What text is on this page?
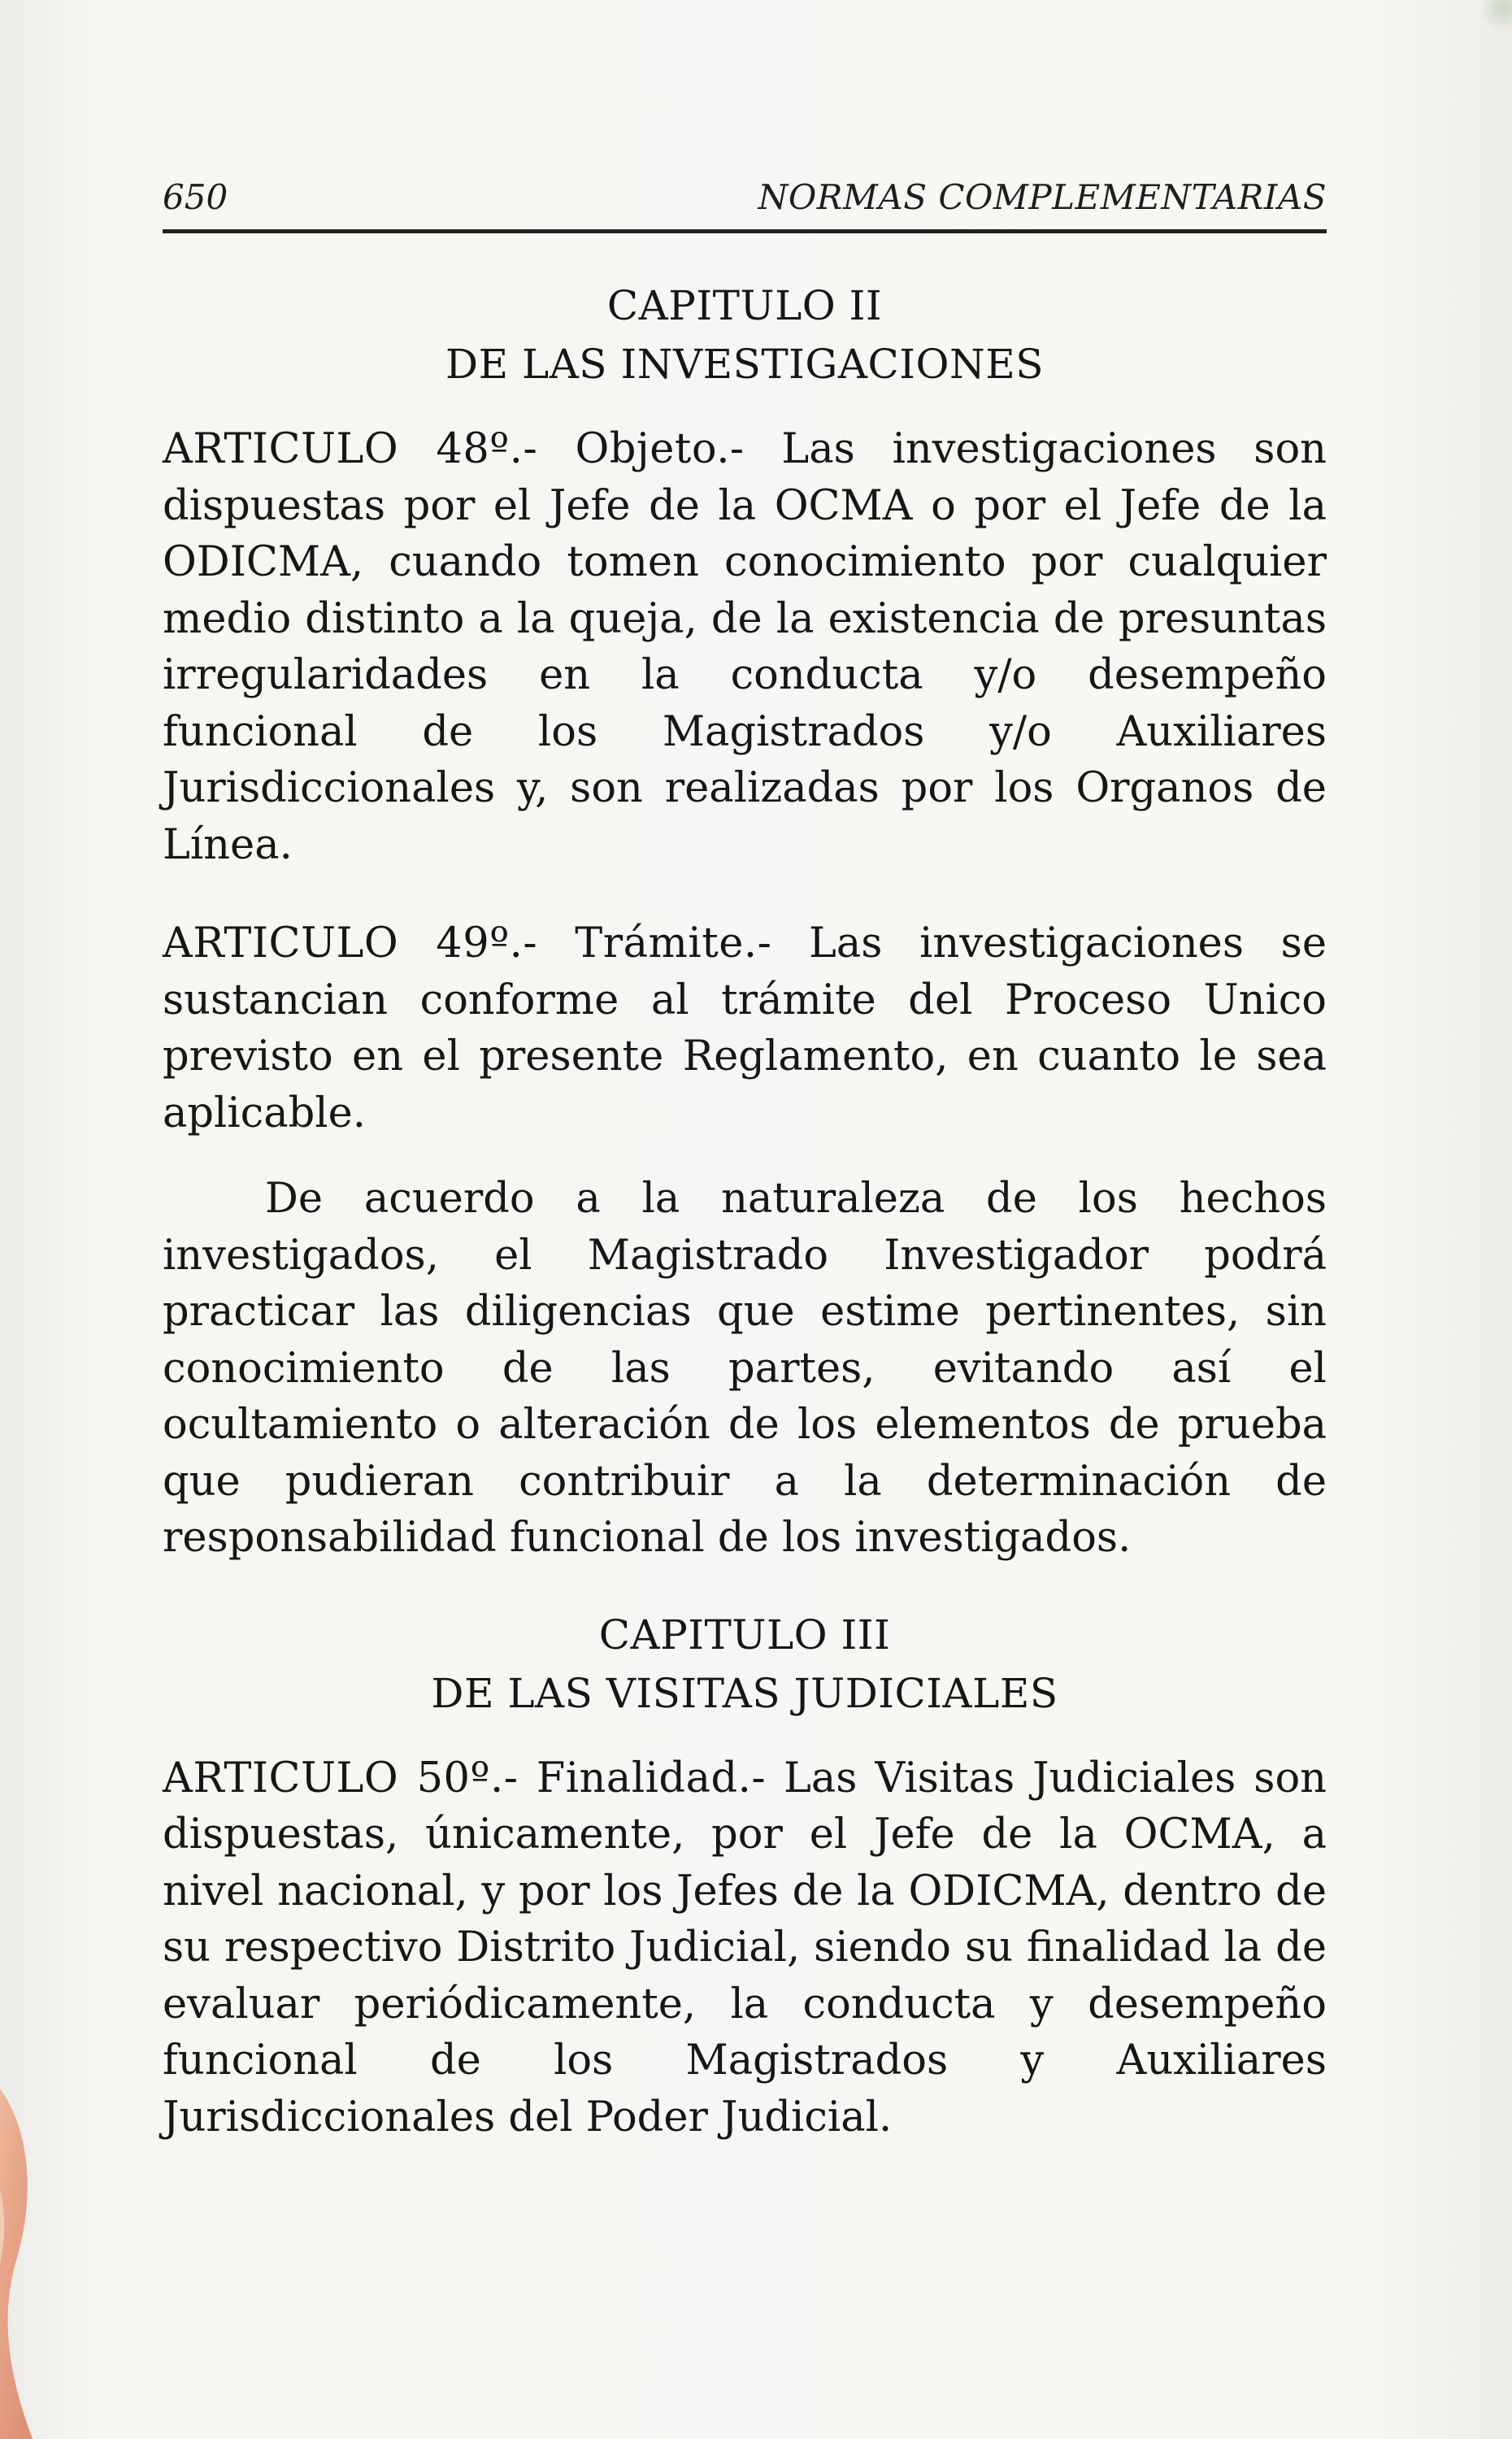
650	NORMAS COMPLEMENTARIAS
CAPITULO II
DE LAS INVESTIGACIONES

ARTICULO 48º.- Objeto.- Las investigaciones son dispuestas por el Jefe de la OCMA o por el Jefe de la ODICMA, cuando tomen conocimiento por cualquier medio distinto a la queja, de la existencia de presuntas irregularidades en la conducta y/o desempeño funcional de los Magistrados y/o Auxiliares Jurisdiccionales y, son realizadas por los Organos de Línea.

ARTICULO 49º.- Trámite.- Las investigaciones se sustancian conforme al trámite del Proceso Unico previsto en el presente Reglamento, en cuanto le sea aplicable.

De acuerdo a la naturaleza de los hechos investigados, el Magistrado Investigador podrá practicar las diligencias que estime pertinentes, sin conocimiento de las partes, evitando así el ocultamiento o alteración de los elementos de prueba que pudieran contribuir a la determinación de responsabilidad funcional de los investigados.

CAPITULO III
DE LAS VISITAS JUDICIALES

ARTICULO 50º.- Finalidad.- Las Visitas Judiciales son dispuestas, únicamente, por el Jefe de la OCMA, a nivel nacional, y por los Jefes de la ODICMA, dentro de su respectivo Distrito Judicial, siendo su finalidad la de evaluar periódicamente, la conducta y desempeño funcional de los Magistrados y Auxiliares Jurisdiccionales del Poder Judicial.
